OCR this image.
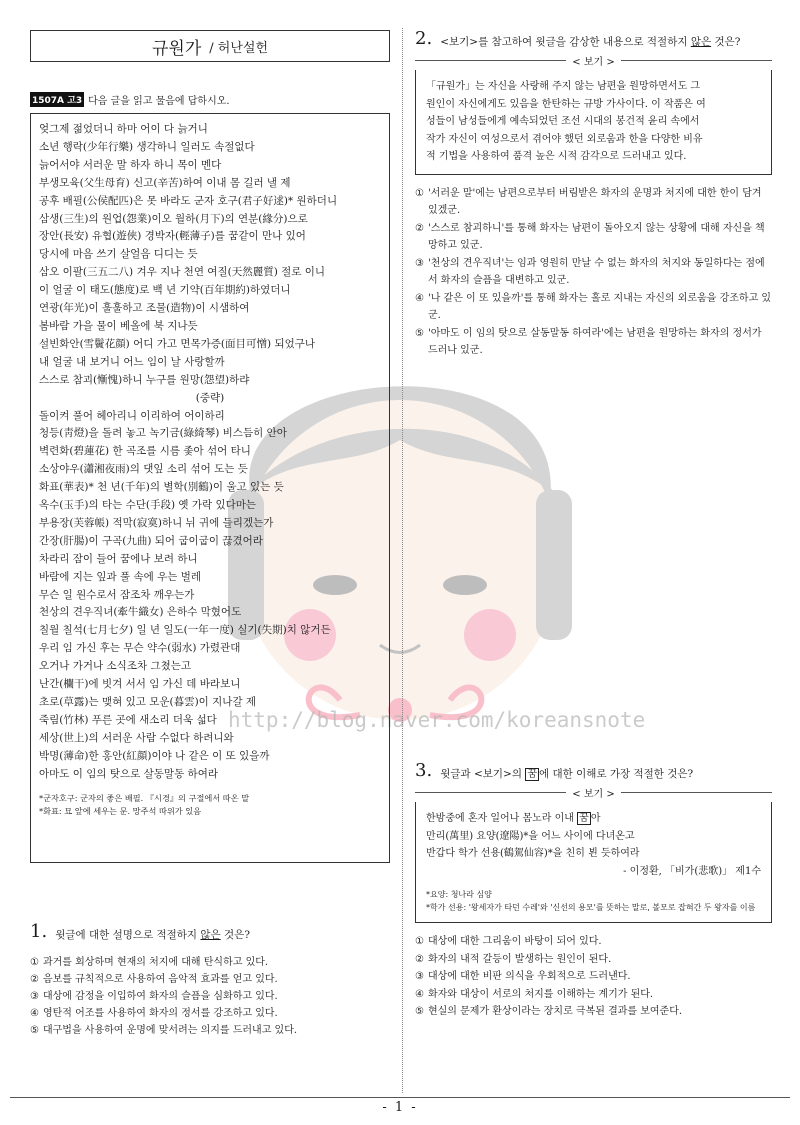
http://blog.naver.com/koreansnote
규원가 / 허난설헌
1507A 고3 다음 글을 읽고 물음에 답하시오.
엊그제 젊었더니 하마 어이 다 늙거니
소년 행락(少年行樂) 생각하니 일러도 속절없다
늙어서야 서러운 말 하자 하니 목이 멘다
부생모육(父生母育) 신고(辛苦)하여 이내 몸 길러 낼 제
공후 배필(公侯配匹)은 못 바라도 군자 호구(君子好逑)* 원하더니
삼생(三生)의 원업(怨業)이오 월하(月下)의 연분(緣分)으로
장안(長安) 유협(遊俠) 경박자(輕薄子)를 꿈같이 만나 있어
당시에 마음 쓰기 살얼음 디디는 듯
삼오 이팔(三五二八) 겨우 지나 천연 여질(天然麗質) 절로 이니
이 얼굴 이 태도(態度)로 백 년 기약(百年期約)하였더니
연광(年光)이 훌훌하고 조물(造物)이 시샘하여
봄바람 가을 물이 베올에 북 지나듯
설빈화안(雪鬢花顔) 어디 가고 면목가증(面目可憎) 되었구나
내 얼굴 내 보거니 어느 임이 날 사랑할까
스스로 참괴(慚愧)하니 누구를 원망(怨望)하랴
(중략)
돌이켜 풀어 헤아리니 이리하여 어이하리
청등(靑燈)을 돌려 놓고 녹기금(綠綺琴) 비스듬히 안아
벽련화(碧蓮花) 한 곡조를 시름 좇아 섞어 타니
소상야우(瀟湘夜雨)의 댓잎 소리 섞어 도는 듯
화표(華表)* 천 년(千年)의 별학(別鶴)이 울고 있는 듯
옥수(玉手)의 타는 수단(手段) 옛 가락 있다마는
부용장(芙蓉帳) 적막(寂寞)하니 뉘 귀에 들리겠는가
간장(肝腸)이 구곡(九曲) 되어 굽이굽이 끊겼어라
차라리 잠이 들어 꿈에나 보려 하니
바람에 지는 잎과 풀 속에 우는 벌레
무슨 일 원수로서 잠조차 깨우는가
천상의 견우직녀(牽牛織女) 은하수 막혔어도
칠월 칠석(七月七夕) 일 년 일도(一年一度) 실기(失期)치 않거든
우리 임 가신 후는 무슨 약수(弱水) 가렸관대
오거나 가거나 소식조차 그쳤는고
난간(欄干)에 빗겨 서서 임 가신 데 바라보니
초로(草露)는 맺혀 있고 모운(暮雲)이 지나갈 제
죽림(竹林) 푸른 곳에 새소리 더욱 섧다
세상(世上)의 서러운 사람 수없다 하려니와
박명(薄命)한 홍안(紅顔)이야 나 같은 이 또 있을까
아마도 이 임의 탓으로 살동말동 하여라
*군자호구: 군자의 좋은 배필. 『시경』의 구절에서 따온 말
*화표: 묘 앞에 세우는 문. 망주석 따위가 있음
1. 윗글에 대한 설명으로 적절하지 않은 것은?
① 과거를 회상하며 현재의 처지에 대해 탄식하고 있다.
② 음보를 규칙적으로 사용하여 음악적 효과를 얻고 있다.
③ 대상에 감정을 이입하여 화자의 슬픔을 심화하고 있다.
④ 영탄적 어조를 사용하여 화자의 정서를 강조하고 있다.
⑤ 대구법을 사용하여 운명에 맞서려는 의지를 드러내고 있다.
2. <보기>를 참고하여 윗글을 감상한 내용으로 적절하지 않은 것은?
< 보기 >
「규원가」는 자신을 사랑해 주지 않는 남편을 원망하면서도 그
원인이 자신에게도 있음을 한탄하는 규방 가사이다. 이 작품은 여
성들이 남성들에게 예속되었던 조선 시대의 봉건적 윤리 속에서
작가 자신이 여성으로서 겪어야 했던 외로움과 한을 다양한 비유
적 기법을 사용하여 품격 높은 시적 감각으로 드러내고 있다.
① '서러운 말'에는 남편으로부터 버림받은 화자의 운명과 처지에 대한 한이 담겨 있겠군.
② '스스로 참괴하니'를 통해 화자는 남편이 돌아오지 않는 상황에 대해 자신을 책망하고 있군.
③ '천상의 견우직녀'는 임과 영원히 만날 수 없는 화자의 처지와 동일하다는 점에서 화자의 슬픔을 대변하고 있군.
④ '나 같은 이 또 있을까'를 통해 화자는 홀로 지내는 자신의 외로움을 강조하고 있군.
⑤ '아마도 이 임의 탓으로 살동말동 하여라'에는 남편을 원망하는 화자의 정서가 드러나 있군.
3. 윗글과 <보기>의 꿈 에 대한 이해로 가장 적절한 것은?
< 보기 >
한밤중에 혼자 일어나 몸노라 이내 꿈 아
만리(萬里) 요양(遼陽)*을 어느 사이에 다녀온고
반갑다 학가 선용(鶴駕仙容)*을 친히 뵌 듯하여라
- 이정환, 「비가(悲歌)」 제1수
*요양: 청나라 심양
*학가 선용: '왕세자가 타던 수레'와 '신선의 용모'를 뜻하는 말로, 볼모로 잡혀간 두 왕자를 이름
① 대상에 대한 그리움이 바탕이 되어 있다.
② 화자의 내적 갈등이 발생하는 원인이 된다.
③ 대상에 대한 비판 의식을 우회적으로 드러낸다.
④ 화자와 대상이 서로의 처지를 이해하는 계기가 된다.
⑤ 현실의 문제가 환상이라는 장치로 극복된 결과를 보여준다.
- 1 -
